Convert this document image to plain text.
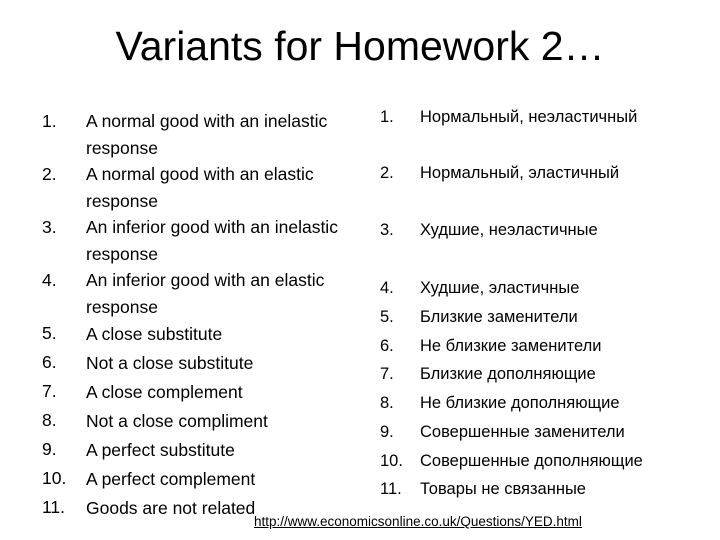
Variants for Homework 2…
1. A normal good with an inelastic response
2. A normal good with an elastic response
3. An inferior good with an inelastic response
4. An inferior good with an elastic response
5. A close substitute
6. Not a close substitute
7. A close complement
8. Not a close compliment
9. A perfect substitute
10. A perfect complement
11. Goods are not related
1. Нормальный, неэластичный
2. Нормальный, эластичный
3. Худшие, неэластичные
4. Худшие, эластичные
5. Близкие заменители
6. Не близкие заменители
7. Близкие дополняющие
8. Не близкие дополняющие
9. Совершенные заменители
10. Совершенные дополняющие
11. Товары не связанные
http://www.economicsonline.co.uk/Questions/YED.html
